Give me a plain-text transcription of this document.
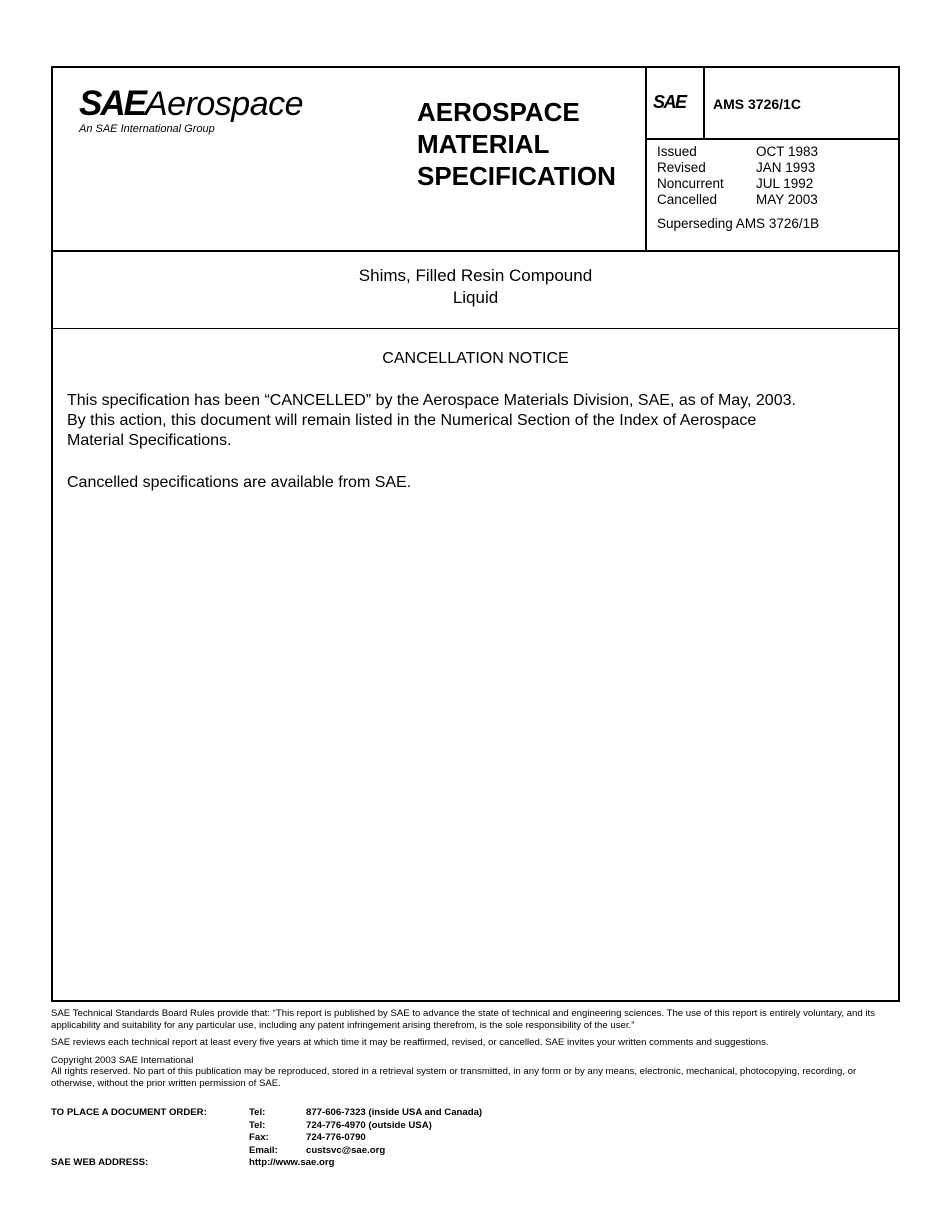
SAEAerospace
An SAE International Group
AEROSPACE
MATERIAL
SPECIFICATION
SAE AMS 3726/1C
Issued	OCT 1983
Revised	JAN 1993
Noncurrent	JUL 1992
Cancelled	MAY 2003
Superseding AMS 3726/1B
Shims, Filled Resin Compound
Liquid
CANCELLATION NOTICE
This specification has been “CANCELLED” by the Aerospace Materials Division, SAE, as of May, 2003.
By this action, this document will remain listed in the Numerical Section of the Index of Aerospace
Material Specifications.
Cancelled specifications are available from SAE.

SAE Technical Standards Board Rules provide that: “This report is published by SAE to advance the state of technical and engineering sciences. The use of this report is entirely voluntary, and its applicability and suitability for any particular use, including any patent infringement arising therefrom, is the sole responsibility of the user.”

SAE reviews each technical report at least every five years at which time it may be reaffirmed, revised, or cancelled. SAE invites your written comments and suggestions.

Copyright 2003 SAE International
All rights reserved. No part of this publication may be reproduced, stored in a retrieval system or transmitted, in any form or by any means, electronic, mechanical, photocopying, recording, or otherwise, without the prior written permission of SAE.
TO PLACE A DOCUMENT ORDER:	Tel:	877-606-7323 (inside USA and Canada)
Tel:	724-776-4970 (outside USA)
Fax:	724-776-0790
Email:	custsvc@sae.org
SAE WEB ADDRESS:	http://www.sae.org
